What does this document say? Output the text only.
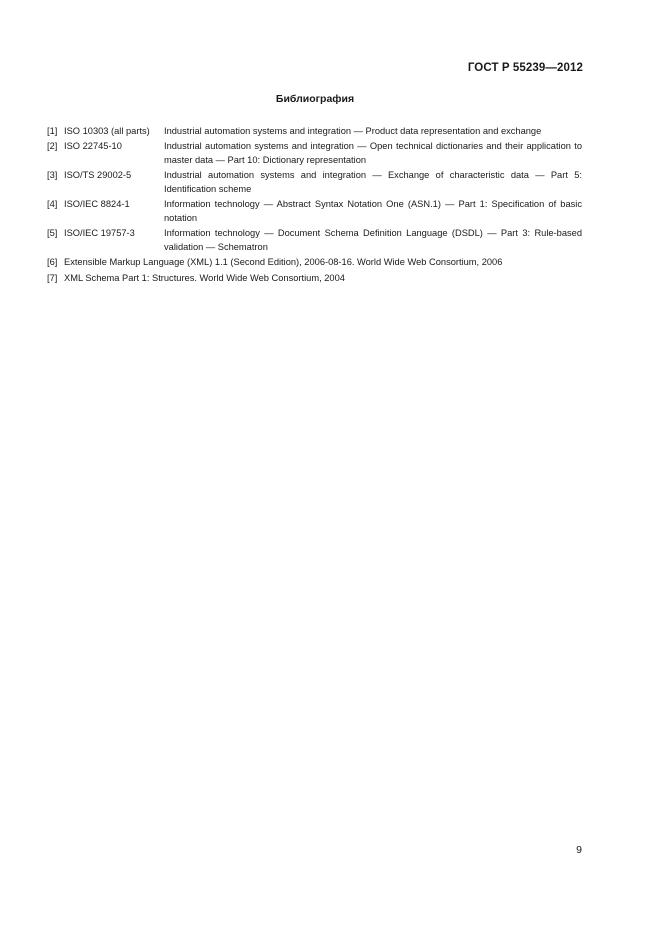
ГОСТ Р 55239—2012
Библиография
[1] ISO 10303 (all parts)	Industrial automation systems and integration — Product data representation and exchange
[2] ISO 22745-10	Industrial automation systems and integration — Open technical dictionaries and their application to master data — Part 10: Dictionary representation
[3] ISO/TS 29002-5	Industrial automation systems and integration — Exchange of characteristic data — Part 5: Identification scheme
[4] ISO/IEC 8824-1	Information technology — Abstract Syntax Notation One (ASN.1) — Part 1: Specification of basic notation
[5] ISO/IEC 19757-3	Information technology — Document Schema Definition Language (DSDL) — Part 3: Rule-based validation — Schematron
[6] Extensible Markup Language (XML) 1.1 (Second Edition), 2006-08-16. World Wide Web Consortium, 2006
[7] XML Schema Part 1: Structures. World Wide Web Consortium, 2004
9
